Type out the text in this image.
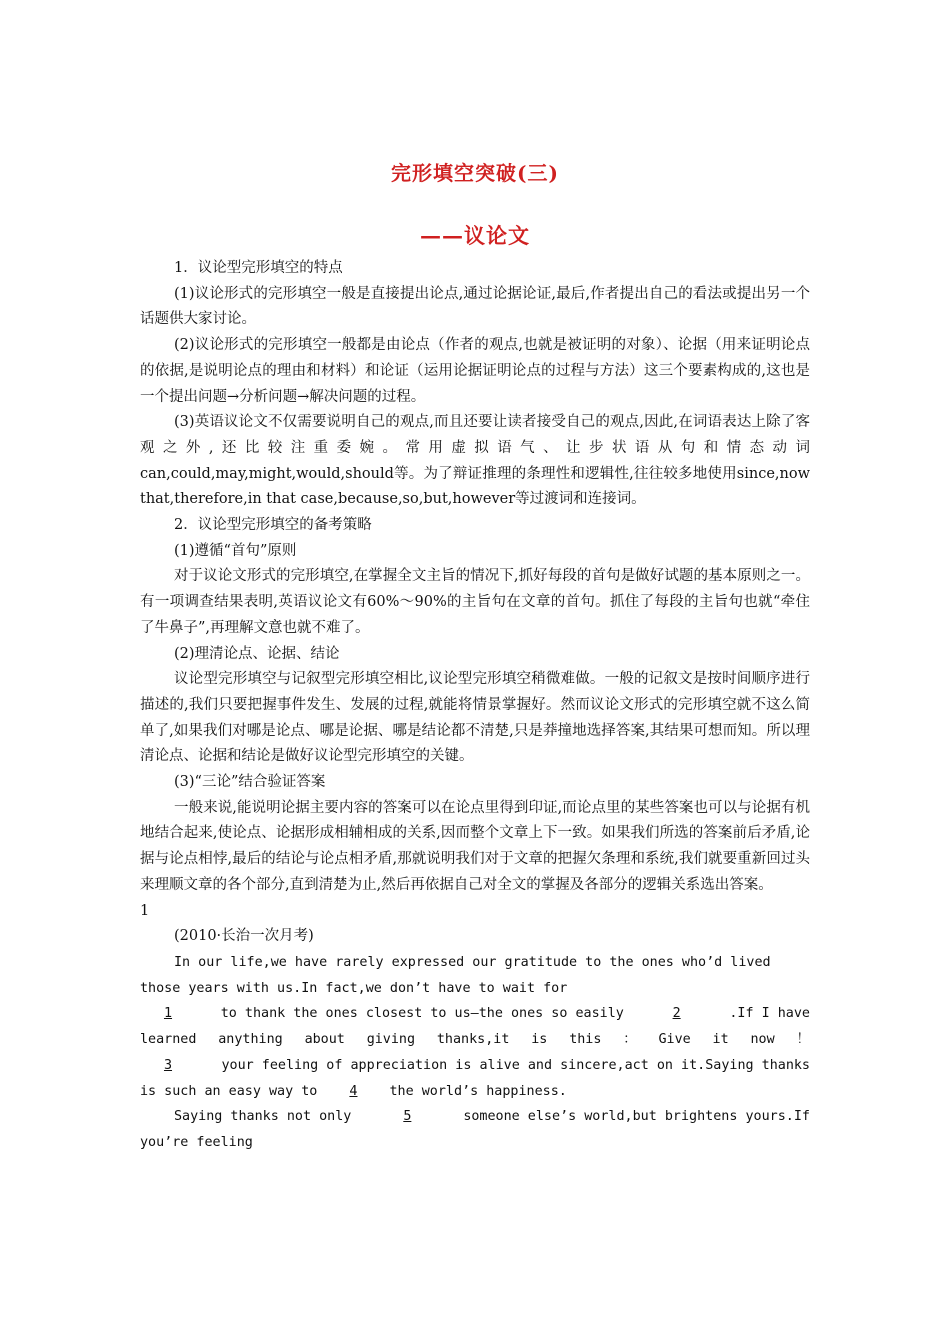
完形填空突破(三)
——议论文

1．议论型完形填空的特点

(1)议论形式的完形填空一般是直接提出论点,通过论据论证,最后,作者提出自己的看法或提出另一个话题供大家讨论。

(2)议论形式的完形填空一般都是由论点（作者的观点,也就是被证明的对象）、论据（用来证明论点的依据,是说明论点的理由和材料）和论证（运用论据证明论点的过程与方法）这三个要素构成的,这也是一个提出问题→分析问题→解决问题的过程。

(3)英语议论文不仅需要说明自己的观点,而且还要让读者接受自己的观点,因此,在词语表达上除了客观之外,还比较注重委婉。常用虚拟语气、让步状语从句和情态动词can,could,may,might,would,should等。为了辩证推理的条理性和逻辑性,往往较多地使用since,now that,therefore,in that case,because,so,but,however等过渡词和连接词。

2．议论型完形填空的备考策略

(1)遵循“首句”原则

对于议论文形式的完形填空,在掌握全文主旨的情况下,抓好每段的首句是做好试题的基本原则之一。有一项调查结果表明,英语议论文有60%～90%的主旨句在文章的首句。抓住了每段的主旨句也就“牵住了牛鼻子”,再理解文意也就不难了。

(2)理清论点、论据、结论

议论型完形填空与记叙型完形填空相比,议论型完形填空稍微难做。一般的记叙文是按时间顺序进行描述的,我们只要把握事件发生、发展的过程,就能将情景掌握好。然而议论文形式的完形填空就不这么简单了,如果我们对哪是论点、哪是论据、哪是结论都不清楚,只是莽撞地选择答案,其结果可想而知。所以理清论点、论据和结论是做好议论型完形填空的关键。

(3)“三论”结合验证答案

一般来说,能说明论据主要内容的答案可以在论点里得到印证,而论点里的某些答案也可以与论据有机地结合起来,使论点、论据形成相辅相成的关系,因而整个文章上下一致。如果我们所选的答案前后矛盾,论据与论点相悖,最后的结论与论点相矛盾,那就说明我们对于文章的把握欠条理和系统,我们就要重新回过头来理顺文章的各个部分,直到清楚为止,然后再依据自己对全文的掌握及各部分的逻辑关系选出答案。

1

(2010·长治一次月考)

In our life,we have rarely expressed our gratitude to the ones who’d lived

those years with us.In fact,we don’t have to wait for

1	to thank the ones closest to us—the ones so easily	2	.If I have
learned anything about giving thanks,it is this ： Give it now ！
3	your feeling of appreciation is alive and sincere,act on it.Saying thanks
is such an easy way to 4 the world’s happiness.
Saying thanks not only	5	someone else’s world,but brightens yours.If
you’re feeling
